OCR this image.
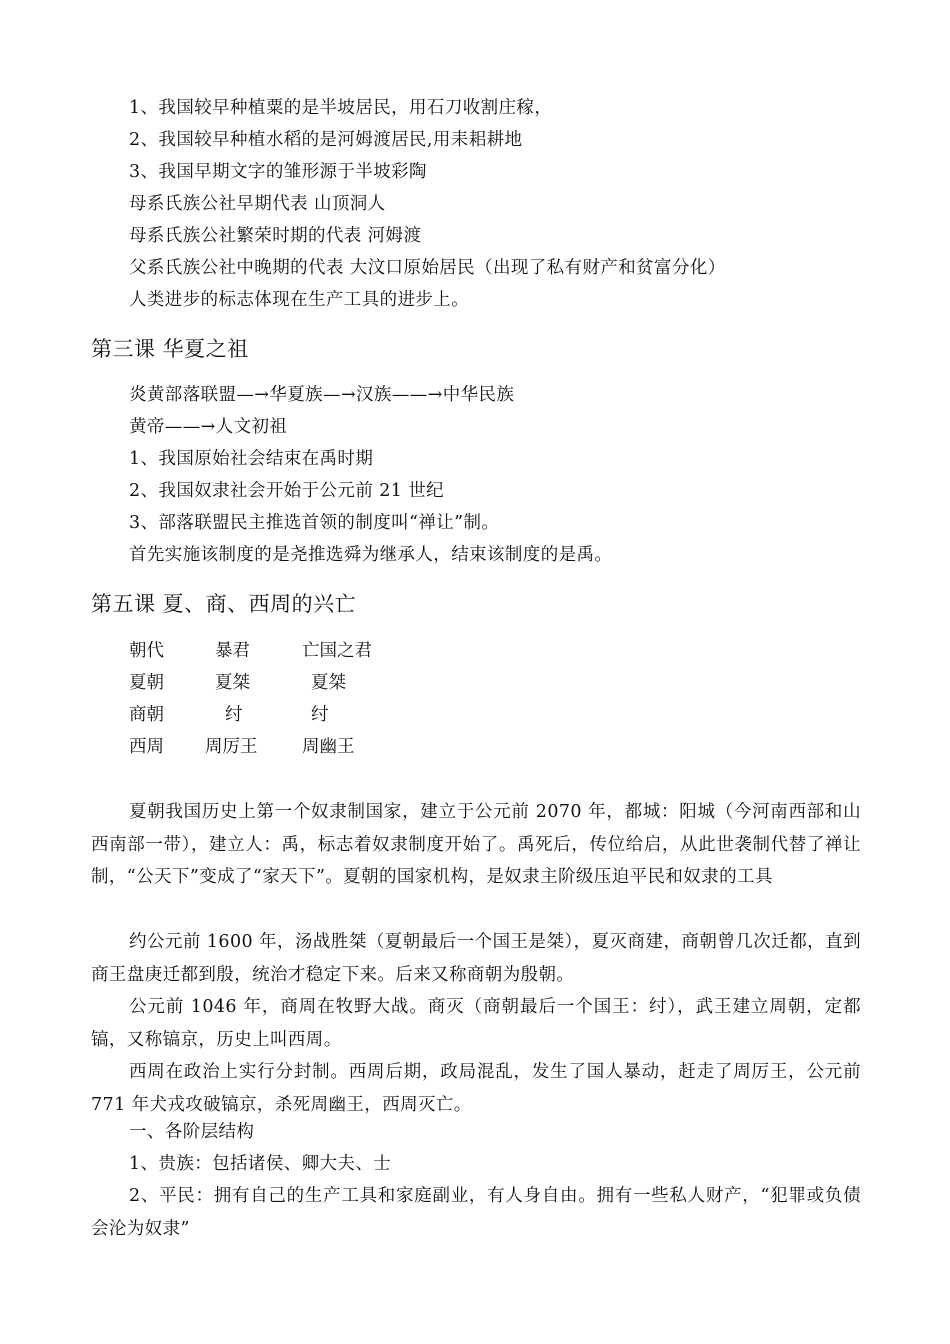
1、我国较早种植粟的是半坡居民，用石刀收割庄稼，
2、我国较早种植水稻的是河姆渡居民,用耒耜耕地
3、我国早期文字的雏形源于半坡彩陶
母系氏族公社早期代表 山顶洞人
母系氏族公社繁荣时期的代表 河姆渡
父系氏族公社中晚期的代表 大汶口原始居民（出现了私有财产和贫富分化）
人类进步的标志体现在生产工具的进步上。
第三课 华夏之祖
炎黄部落联盟—→华夏族—→汉族——→中华民族
黄帝——→人文初祖
1、我国原始社会结束在禹时期
2、我国奴隶社会开始于公元前 21 世纪
3、部落联盟民主推选首领的制度叫“禅让”制。
首先实施该制度的是尧推选舜为继承人，结束该制度的是禹。
第五课 夏、商、西周的兴亡
朝代	暴君	亡国之君
夏朝	夏桀	夏桀
商朝	纣	纣
西周 周厉王	周幽王
夏朝我国历史上第一个奴隶制国家，建立于公元前 2070 年，都城：阳城（今河南西部和山西南部一带），建立人：禹，标志着奴隶制度开始了。禹死后，传位给启，从此世袭制代替了禅让制，“公天下”变成了“家天下”。夏朝的国家机构，是奴隶主阶级压迫平民和奴隶的工具
约公元前 1600 年，汤战胜桀（夏朝最后一个国王是桀），夏灭商建，商朝曾几次迁都，直到商王盘庚迁都到殷，统治才稳定下来。后来又称商朝为殷朝。
公元前 1046 年，商周在牧野大战。商灭（商朝最后一个国王：纣），武王建立周朝，定都镐，又称镐京，历史上叫西周。
西周在政治上实行分封制。西周后期，政局混乱，发生了国人暴动，赶走了周厉王，公元前 771 年犬戎攻破镐京，杀死周幽王，西周灭亡。
一、各阶层结构
1、贵族：包括诸侯、卿大夫、士
2、平民：拥有自己的生产工具和家庭副业，有人身自由。拥有一些私人财产，“犯罪或负债会沦为奴隶”
